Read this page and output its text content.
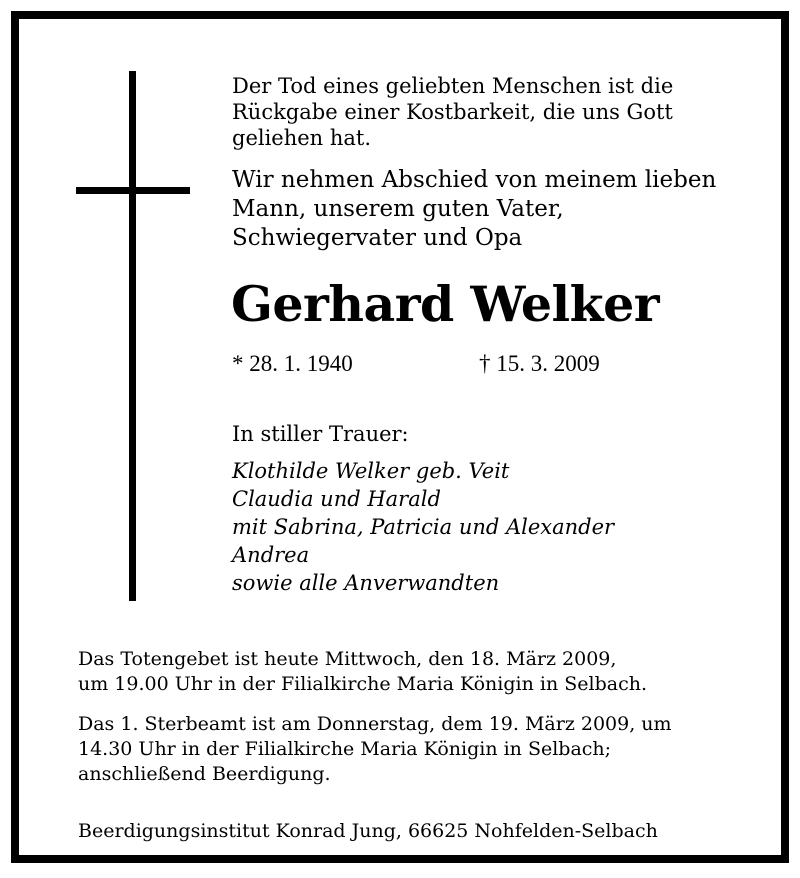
Der Tod eines geliebten Menschen ist die
Rückgabe einer Kostbarkeit, die uns Gott
geliehen hat.

Wir nehmen Abschied von meinem lieben
Mann, unserem guten Vater,
Schwiegervater und Opa

Gerhard Welker

* 28. 1. 1940	† 15. 3. 2009

In stiller Trauer:

Klothilde Welker geb. Veit
Claudia und Harald
mit Sabrina, Patricia und Alexander
Andrea
sowie alle Anverwandten

Das Totengebet ist heute Mittwoch, den 18. März 2009,
um 19.00 Uhr in der Filialkirche Maria Königin in Selbach.

Das 1. Sterbeamt ist am Donnerstag, dem 19. März 2009, um
14.30 Uhr in der Filialkirche Maria Königin in Selbach;
anschließend Beerdigung.

Beerdigungsinstitut Konrad Jung, 66625 Nohfelden-Selbach
